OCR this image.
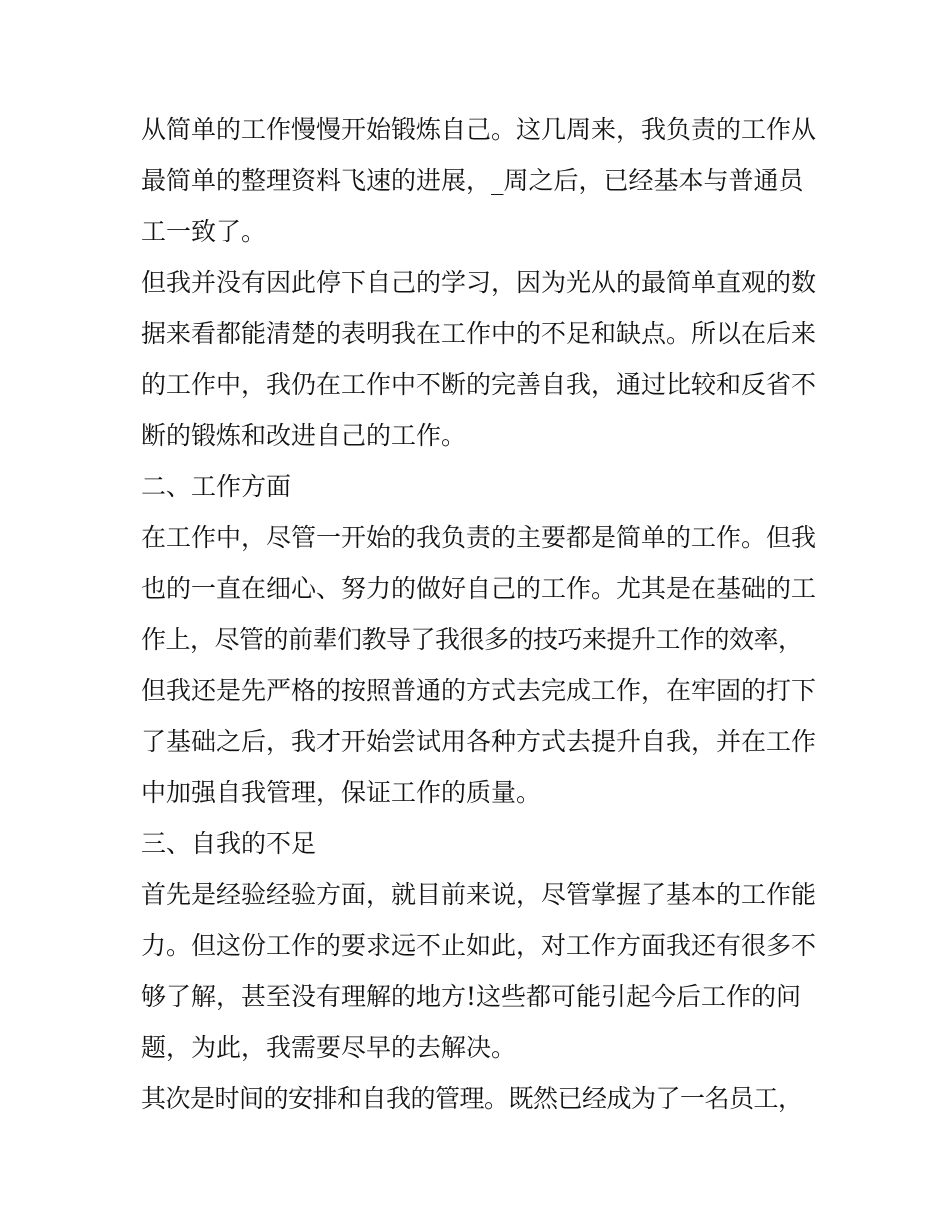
从简单的工作慢慢开始锻炼自己。这几周来，我负责的工作从
最简单的整理资料飞速的进展，_周之后，已经基本与普通员
工一致了。
但我并没有因此停下自己的学习，因为光从的最简单直观的数
据来看都能清楚的表明我在工作中的不足和缺点。所以在后来
的工作中，我仍在工作中不断的完善自我，通过比较和反省不
断的锻炼和改进自己的工作。
二、工作方面
在工作中，尽管一开始的我负责的主要都是简单的工作。但我
也的一直在细心、努力的做好自己的工作。尤其是在基础的工
作上，尽管的前辈们教导了我很多的技巧来提升工作的效率，
但我还是先严格的按照普通的方式去完成工作，在牢固的打下
了基础之后，我才开始尝试用各种方式去提升自我，并在工作
中加强自我管理，保证工作的质量。
三、自我的不足
首先是经验经验方面，就目前来说，尽管掌握了基本的工作能
力。但这份工作的要求远不止如此，对工作方面我还有很多不
够了解，甚至没有理解的地方!这些都可能引起今后工作的问
题，为此，我需要尽早的去解决。
其次是时间的安排和自我的管理。既然已经成为了一名员工，
